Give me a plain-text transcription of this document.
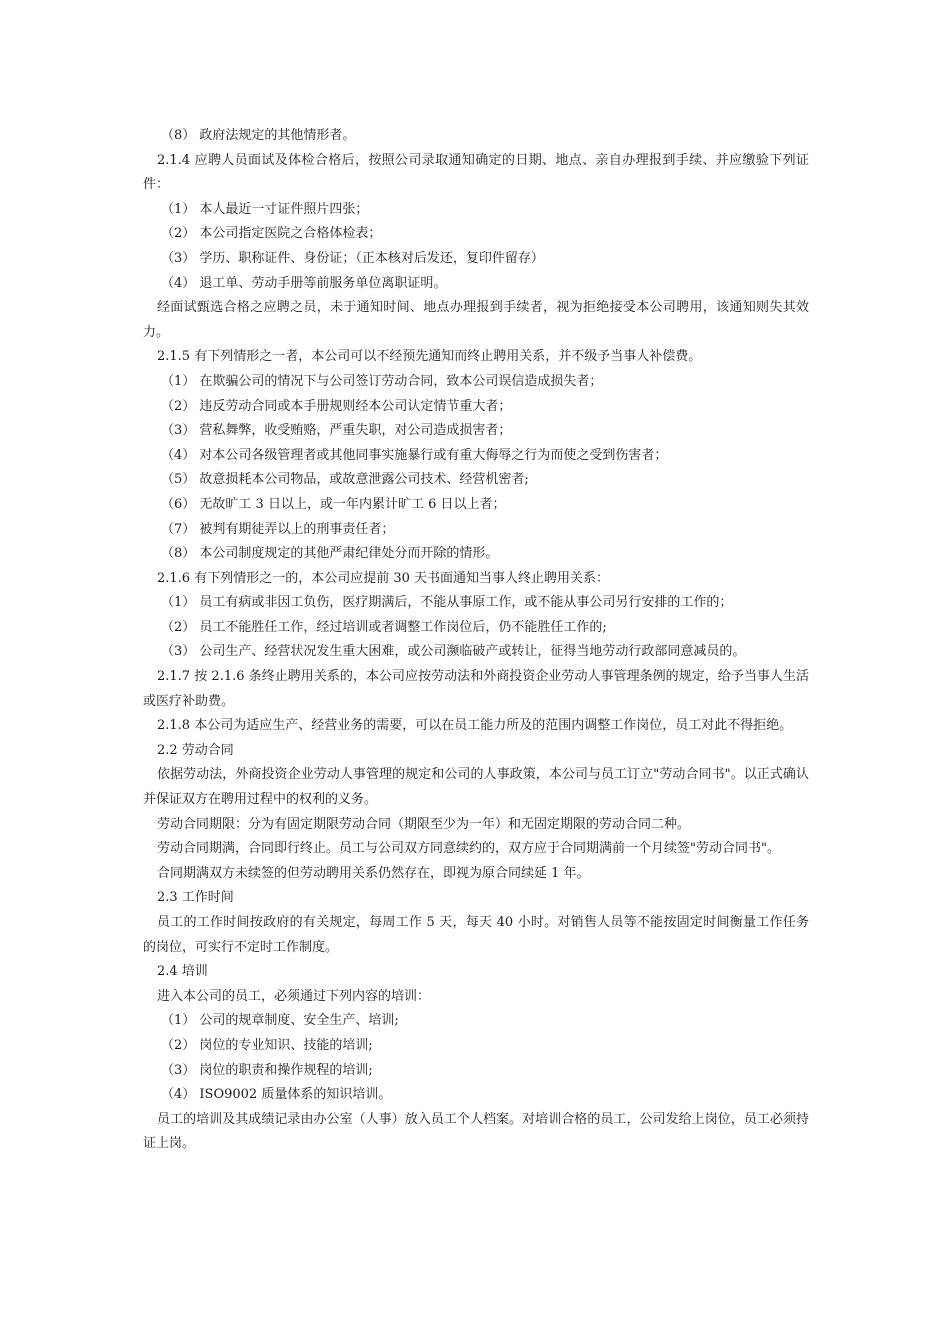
（8） 政府法规定的其他情形者。

2.1.4 应聘人员面试及体检合格后，按照公司录取通知确定的日期、地点、亲自办理报到手续、并应缴验下列证件：

（1） 本人最近一寸证件照片四张；

（2） 本公司指定医院之合格体检表；

（3） 学历、职称证件、身份证；（正本核对后发还，复印件留存）

（4） 退工单、劳动手册等前服务单位离职证明。

经面试甄选合格之应聘之员，未于通知时间、地点办理报到手续者，视为拒绝接受本公司聘用，该通知则失其效力。

2.1.5 有下列情形之一者，本公司可以不经预先通知而终止聘用关系，并不级予当事人补偿费。

（1） 在欺骗公司的情况下与公司签订劳动合同，致本公司误信造成损失者；

（2） 违反劳动合同或本手册规则经本公司认定情节重大者；

（3） 营私舞弊，收受贿赂，严重失职，对公司造成损害者；

（4） 对本公司各级管理者或其他同事实施暴行或有重大侮辱之行为而使之受到伤害者；

（5） 故意损耗本公司物品，或故意泄露公司技术、经营机密者;

（6） 无故旷工 3 日以上，或一年内累计旷工 6 日以上者；

（7） 被判有期徒弄以上的刑事责任者；

（8） 本公司制度规定的其他严肃纪律处分而开除的情形。

2.1.6 有下列情形之一的，本公司应提前 30 天书面通知当事人终止聘用关系：

（1） 员工有病或非因工负伤，医疗期满后，不能从事原工作，或不能从事公司另行安排的工作的；

（2） 员工不能胜任工作，经过培训或者调整工作岗位后，仍不能胜任工作的;

（3） 公司生产、经营状况发生重大困难，或公司濒临破产或转让，征得当地劳动行政部同意减员的。

2.1.7 按 2.1.6 条终止聘用关系的，本公司应按劳动法和外商投资企业劳动人事管理条例的规定，给予当事人生活或医疗补助费。

2.1.8 本公司为适应生产、经营业务的需要，可以在员工能力所及的范围内调整工作岗位，员工对此不得拒绝。

2.2 劳动合同

依据劳动法，外商投资企业劳动人事管理的规定和公司的人事政策，本公司与员工订立"劳动合同书"。以正式确认并保证双方在聘用过程中的权利的义务。

劳动合同期限：分为有固定期限劳动合同（期限至少为一年）和无固定期限的劳动合同二种。

劳动合同期满，合同即行终止。员工与公司双方同意续约的，双方应于合同期满前一个月续签"劳动合同书"。

合同期满双方未续签的但劳动聘用关系仍然存在，即视为原合同续延 1 年。

2.3 工作时间

员工的工作时间按政府的有关规定，每周工作 5 天，每天 40 小时。对销售人员等不能按固定时间衡量工作任务的岗位，可实行不定时工作制度。

2.4 培训

进入本公司的员工，必须通过下列内容的培训：

（1） 公司的规章制度、安全生产、培训;

（2） 岗位的专业知识、技能的培训;

（3） 岗位的职责和操作规程的培训;

（4） ISO9002 质量体系的知识培训。

员工的培训及其成绩记录由办公室（人事）放入员工个人档案。对培训合格的员工，公司发给上岗位，员工必须持证上岗。
